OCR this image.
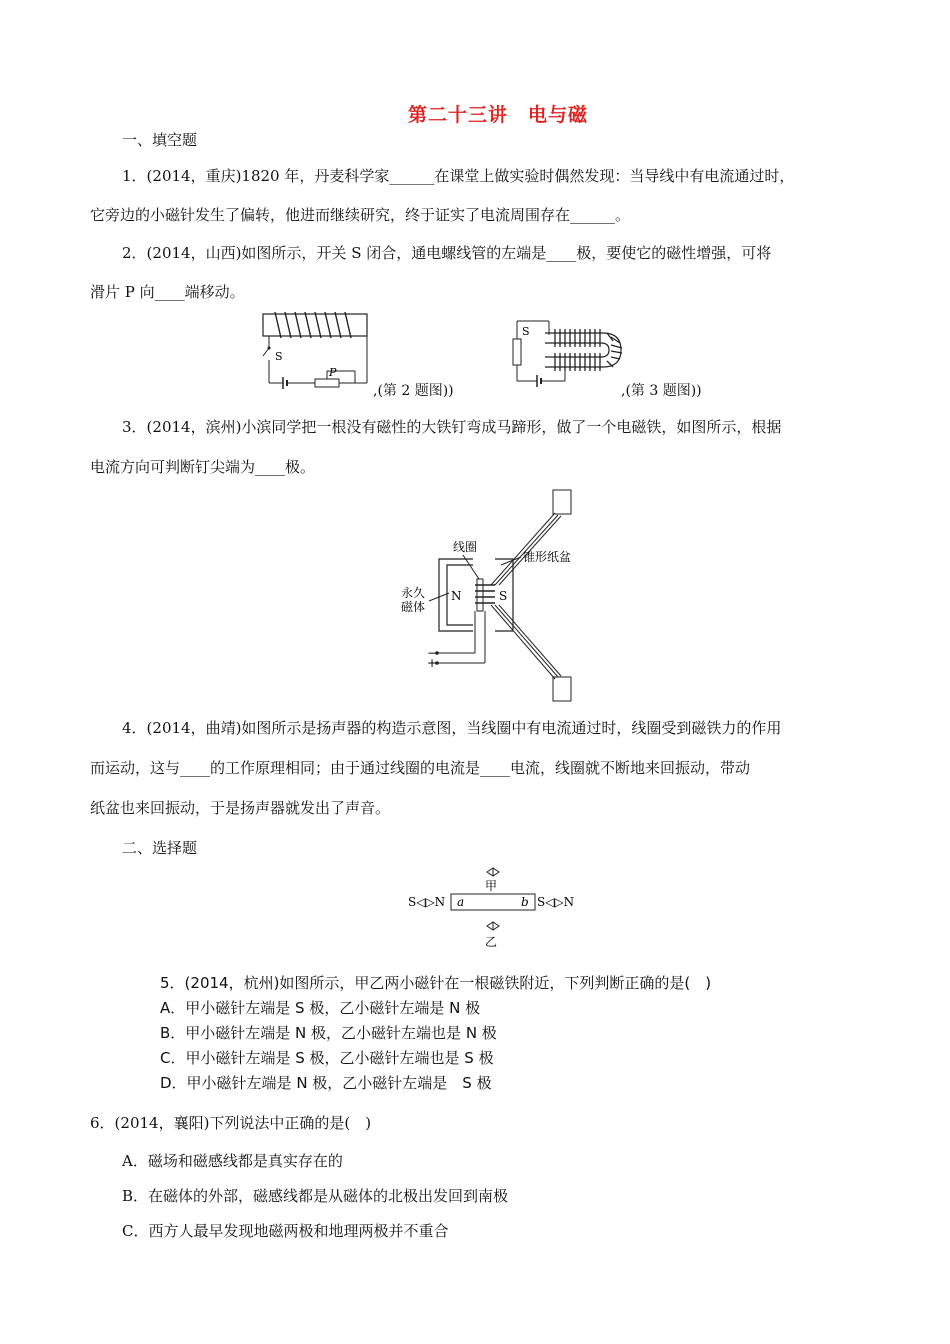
第二十三讲　电与磁
一、填空题
1．(2014，重庆)1820 年，丹麦科学家______在课堂上做实验时偶然发现：当导线中有电流通过时，
它旁边的小磁针发生了偏转，他进而继续研究，终于证实了电流周围存在______。
2．(2014，山西)如图所示，开关 S 闭合，通电螺线管的左端是____极，要使它的磁性增强，可将
滑片 P 向____端移动。
S
P
,(第 2 题图))
S
,(第 3 题图))
3．(2014，滨州)小滨同学把一根没有磁性的大铁钉弯成马蹄形，做了一个电磁铁，如图所示，根据
电流方向可判断钉尖端为____极。
线圈
锥形纸盆
永久
磁体
N	S
−
+
4．(2014，曲靖)如图所示是扬声器的构造示意图，当线圈中有电流通过时，线圈受到磁铁力的作用
而运动，这与____的工作原理相同；由于通过线圈的电流是____电流，线圈就不断地来回振动，带动
纸盆也来回振动，于是扬声器就发出了声音。
二、选择题
甲
a	b
S◁▷N	S◁▷N
乙
5．(2014，杭州)如图所示，甲乙两小磁针在一根磁铁附近，下列判断正确的是(　)
A．甲小磁针左端是 S 极，乙小磁针左端是 N 极
B．甲小磁针左端是 N 极，乙小磁针左端也是 N 极
C．甲小磁针左端是 S 极，乙小磁针左端也是 S 极
D．甲小磁针左端是 N 极，乙小磁针左端是　S 极
6．(2014，襄阳)下列说法中正确的是(　)
A．磁场和磁感线都是真实存在的
B．在磁体的外部，磁感线都是从磁体的北极出发回到南极
C．西方人最早发现地磁两极和地理两极并不重合
